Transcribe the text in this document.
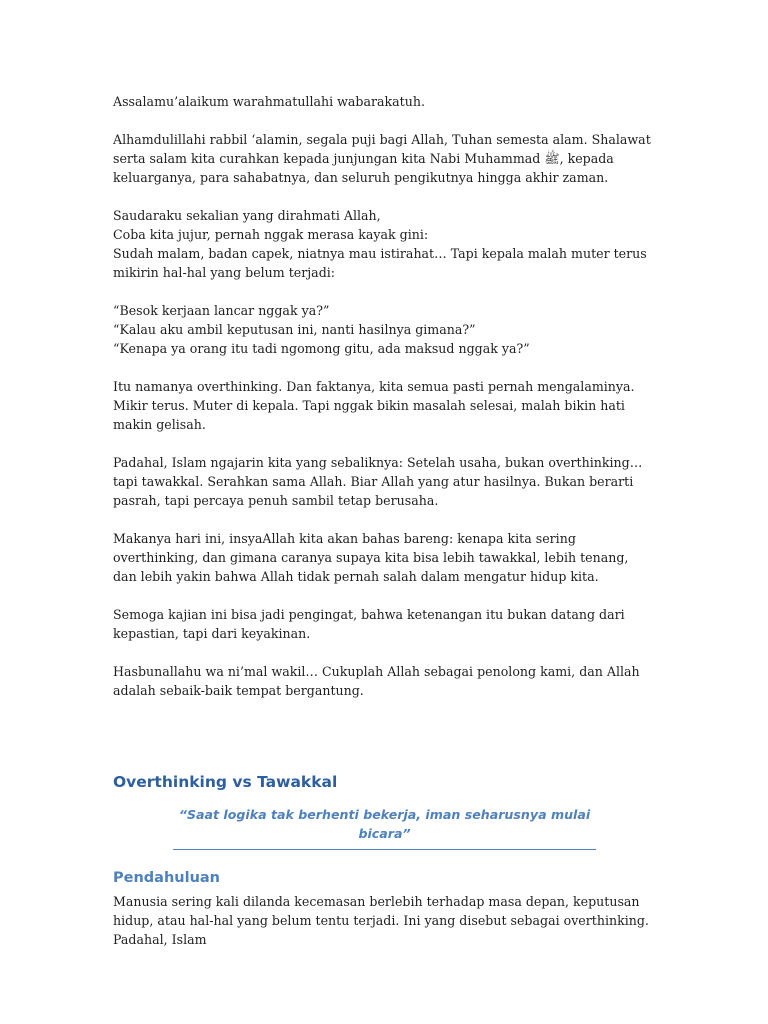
Assalamu’alaikum warahmatullahi wabarakatuh.

Alhamdulillahi rabbil ‘alamin, segala puji bagi Allah, Tuhan semesta alam. Shalawat serta salam kita curahkan kepada junjungan kita Nabi Muhammad ﷺ, kepada keluarganya, para sahabatnya, dan seluruh pengikutnya hingga akhir zaman.

Saudaraku sekalian yang dirahmati Allah,
Coba kita jujur, pernah nggak merasa kayak gini:
Sudah malam, badan capek, niatnya mau istirahat… Tapi kepala malah muter terus mikirin hal-hal yang belum terjadi:

“Besok kerjaan lancar nggak ya?”
“Kalau aku ambil keputusan ini, nanti hasilnya gimana?”
“Kenapa ya orang itu tadi ngomong gitu, ada maksud nggak ya?”

Itu namanya overthinking. Dan faktanya, kita semua pasti pernah mengalaminya. Mikir terus. Muter di kepala. Tapi nggak bikin masalah selesai, malah bikin hati makin gelisah.

Padahal, Islam ngajarin kita yang sebaliknya: Setelah usaha, bukan overthinking… tapi tawakkal. Serahkan sama Allah. Biar Allah yang atur hasilnya. Bukan berarti pasrah, tapi percaya penuh sambil tetap berusaha.

Makanya hari ini, insyaAllah kita akan bahas bareng: kenapa kita sering overthinking, dan gimana caranya supaya kita bisa lebih tawakkal, lebih tenang, dan lebih yakin bahwa Allah tidak pernah salah dalam mengatur hidup kita.

Semoga kajian ini bisa jadi pengingat, bahwa ketenangan itu bukan datang dari kepastian, tapi dari keyakinan.

Hasbunallahu wa ni’mal wakil… Cukuplah Allah sebagai penolong kami, dan Allah adalah sebaik-baik tempat bergantung.

Overthinking vs Tawakkal
“Saat logika tak berhenti bekerja, iman seharusnya mulai bicara”
Pendahuluan

Manusia sering kali dilanda kecemasan berlebih terhadap masa depan, keputusan hidup, atau hal-hal yang belum tentu terjadi. Ini yang disebut sebagai overthinking. Padahal, Islam
